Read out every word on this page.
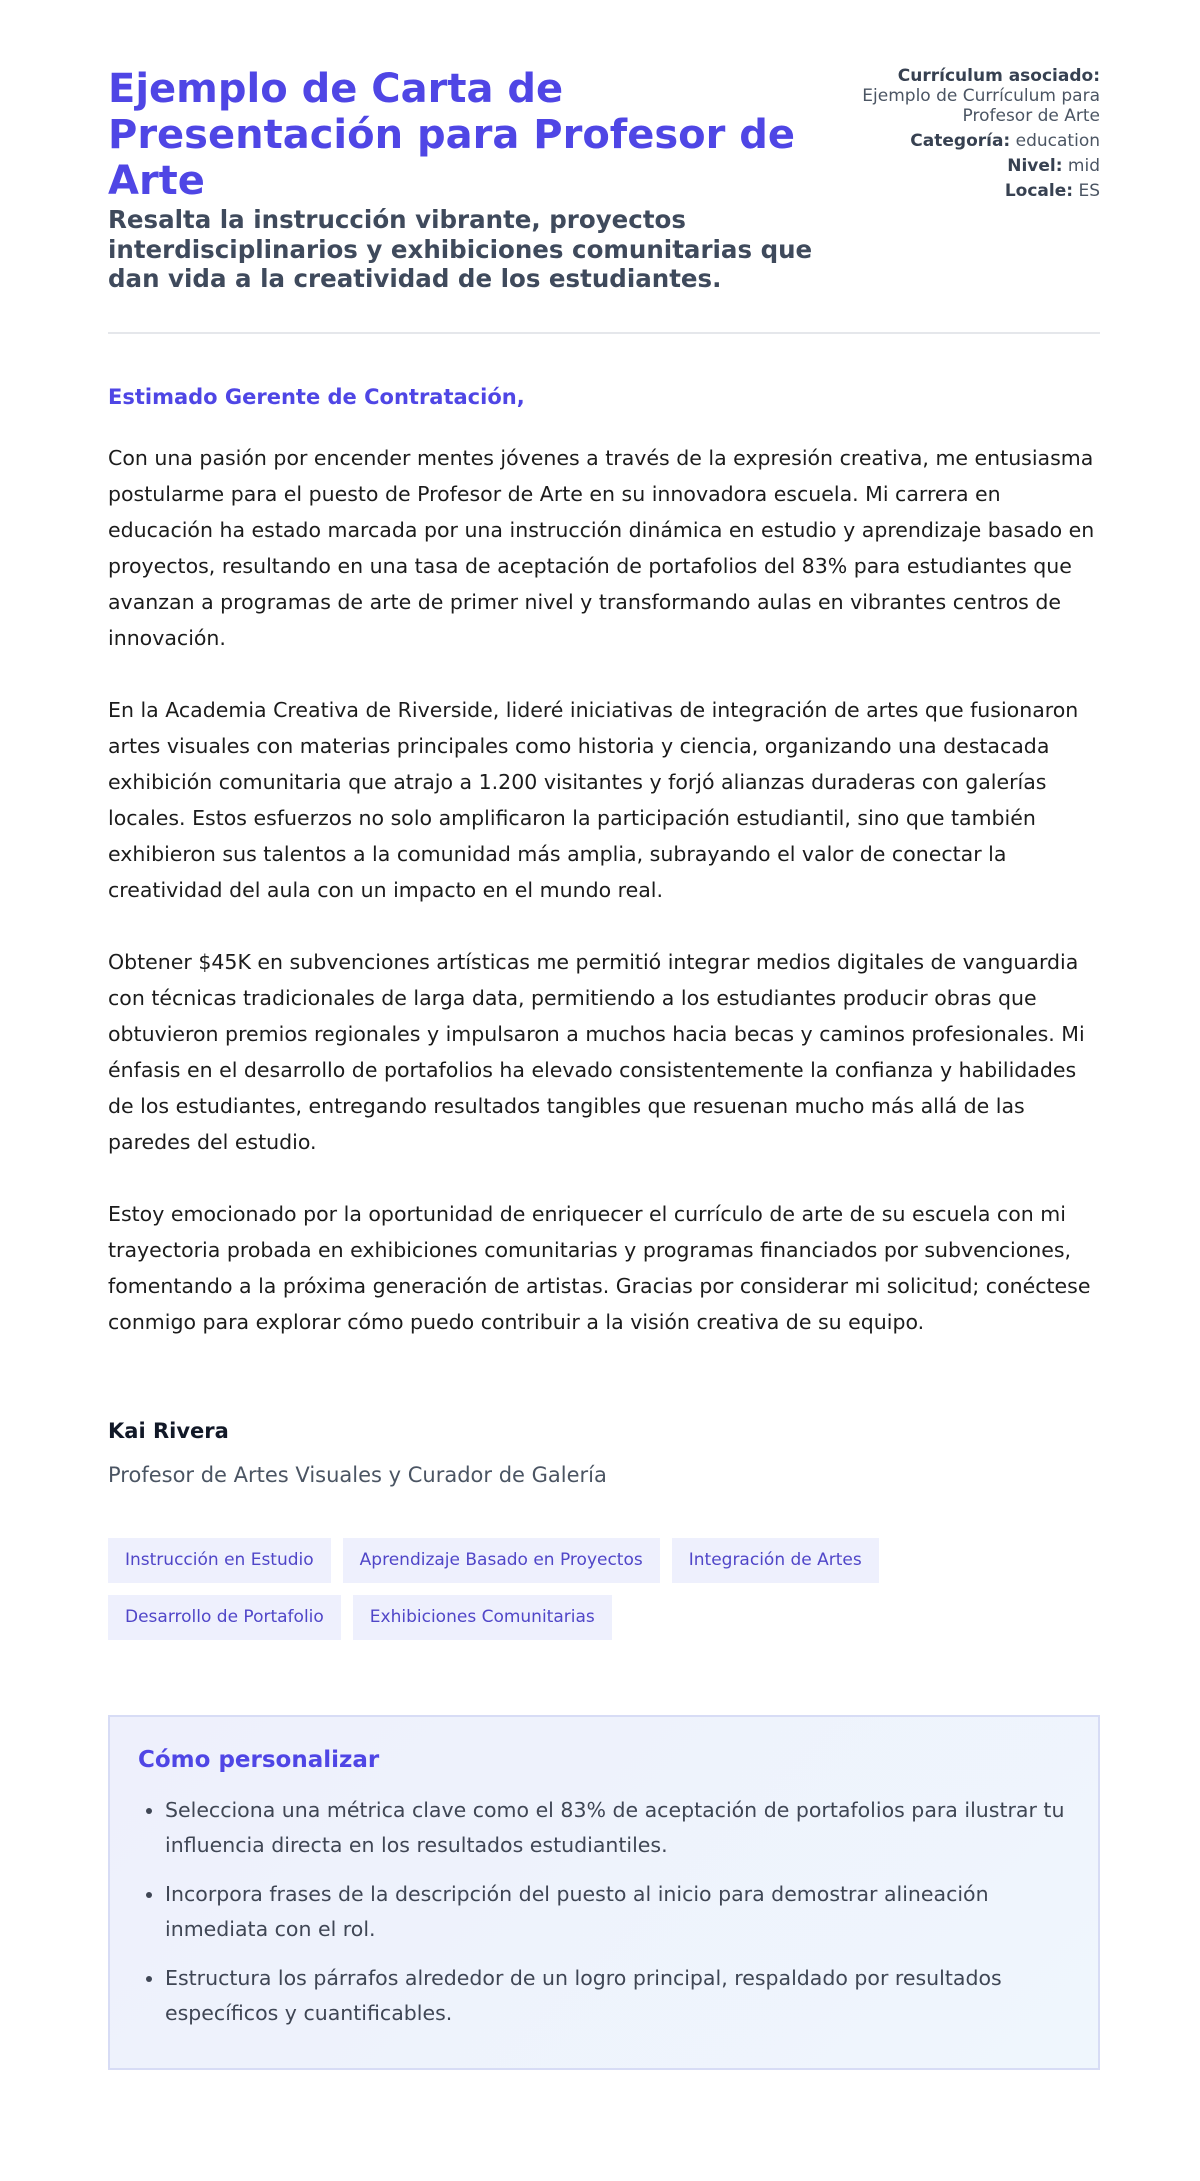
Ejemplo de Carta de Presentación para Profesor de Arte
Resalta la instrucción vibrante, proyectos interdisciplinarios y exhibiciones comunitarias que dan vida a la creatividad de los estudiantes.
Currículum asociado:
Ejemplo de Currículum para Profesor de Arte
Categoría: education
Nivel: mid
Locale: ES

Estimado Gerente de Contratación,

Con una pasión por encender mentes jóvenes a través de la expresión creativa, me entusiasma postularme para el puesto de Profesor de Arte en su innovadora escuela. Mi carrera en educación ha estado marcada por una instrucción dinámica en estudio y aprendizaje basado en proyectos, resultando en una tasa de aceptación de portafolios del 83% para estudiantes que avanzan a programas de arte de primer nivel y transformando aulas en vibrantes centros de innovación.

En la Academia Creativa de Riverside, lideré iniciativas de integración de artes que fusionaron artes visuales con materias principales como historia y ciencia, organizando una destacada exhibición comunitaria que atrajo a 1.200 visitantes y forjó alianzas duraderas con galerías locales. Estos esfuerzos no solo amplificaron la participación estudiantil, sino que también exhibieron sus talentos a la comunidad más amplia, subrayando el valor de conectar la creatividad del aula con un impacto en el mundo real.

Obtener $45K en subvenciones artísticas me permitió integrar medios digitales de vanguardia con técnicas tradicionales de larga data, permitiendo a los estudiantes producir obras que obtuvieron premios regionales y impulsaron a muchos hacia becas y caminos profesionales. Mi énfasis en el desarrollo de portafolios ha elevado consistentemente la confianza y habilidades de los estudiantes, entregando resultados tangibles que resuenan mucho más allá de las paredes del estudio.

Estoy emocionado por la oportunidad de enriquecer el currículo de arte de su escuela con mi trayectoria probada en exhibiciones comunitarias y programas financiados por subvenciones, fomentando a la próxima generación de artistas. Gracias por considerar mi solicitud; conéctese conmigo para explorar cómo puedo contribuir a la visión creativa de su equipo.

Kai Rivera
Profesor de Artes Visuales y Curador de Galería
Instrucción en Estudio	Aprendizaje Basado en Proyectos	Integración de Artes
Desarrollo de Portafolio	Exhibiciones Comunitarias
Cómo personalizar
• Selecciona una métrica clave como el 83% de aceptación de portafolios para ilustrar tu influencia directa en los resultados estudiantiles.
• Incorpora frases de la descripción del puesto al inicio para demostrar alineación inmediata con el rol.
• Estructura los párrafos alrededor de un logro principal, respaldado por resultados específicos y cuantificables.
